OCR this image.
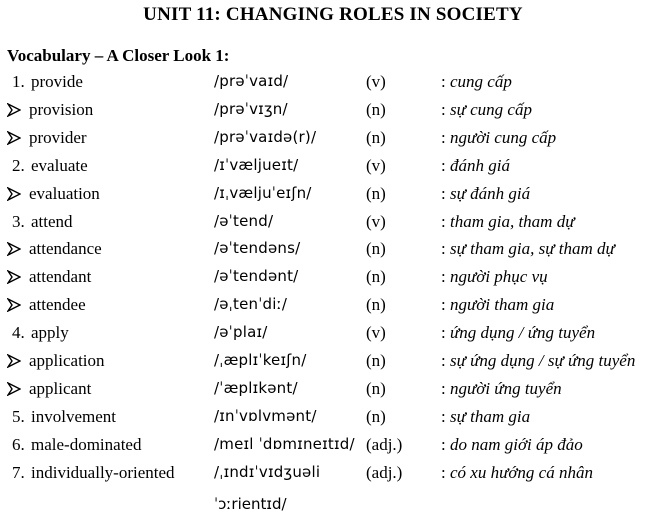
UNIT 11: CHANGING ROLES IN SOCIETY
Vocabulary – A Closer Look 1:
1. provide	/prəˈvaɪd/	(v)	: cung cấp
provision	/prəˈvɪʒn/	(n)	: sự cung cấp
provider	/prəˈvaɪdə(r)/	(n)	: người cung cấp
2. evaluate	/ɪˈvæljueɪt/	(v)	: đánh giá
evaluation	/ɪˌvæljuˈeɪʃn/	(n)	: sự đánh giá
3. attend	/əˈtend/	(v)	: tham gia, tham dự
attendance	/əˈtendəns/	(n)	: sự tham gia, sự tham dự
attendant	/əˈtendənt/	(n)	: người phục vụ
attendee	/əˌtenˈdiː/	(n)	: người tham gia
4. apply	/əˈplaɪ/	(v)	: ứng dụng / ứng tuyển
application	/ˌæplɪˈkeɪʃn/	(n)	: sự ứng dụng / sự ứng tuyển
applicant	/ˈæplɪkənt/	(n)	: người ứng tuyển
5. involvement	/ɪnˈvɒlvmənt/	(n)	: sự tham gia
6. male-dominated	/meɪl ˈdɒmɪneɪtɪd/ (adj.) : do nam giới áp đảo
7. individually-oriented	/ˌɪndɪˈvɪdʒuəli	(adj.) : có xu hướng cá nhân
ˈɔːrientɪd/
